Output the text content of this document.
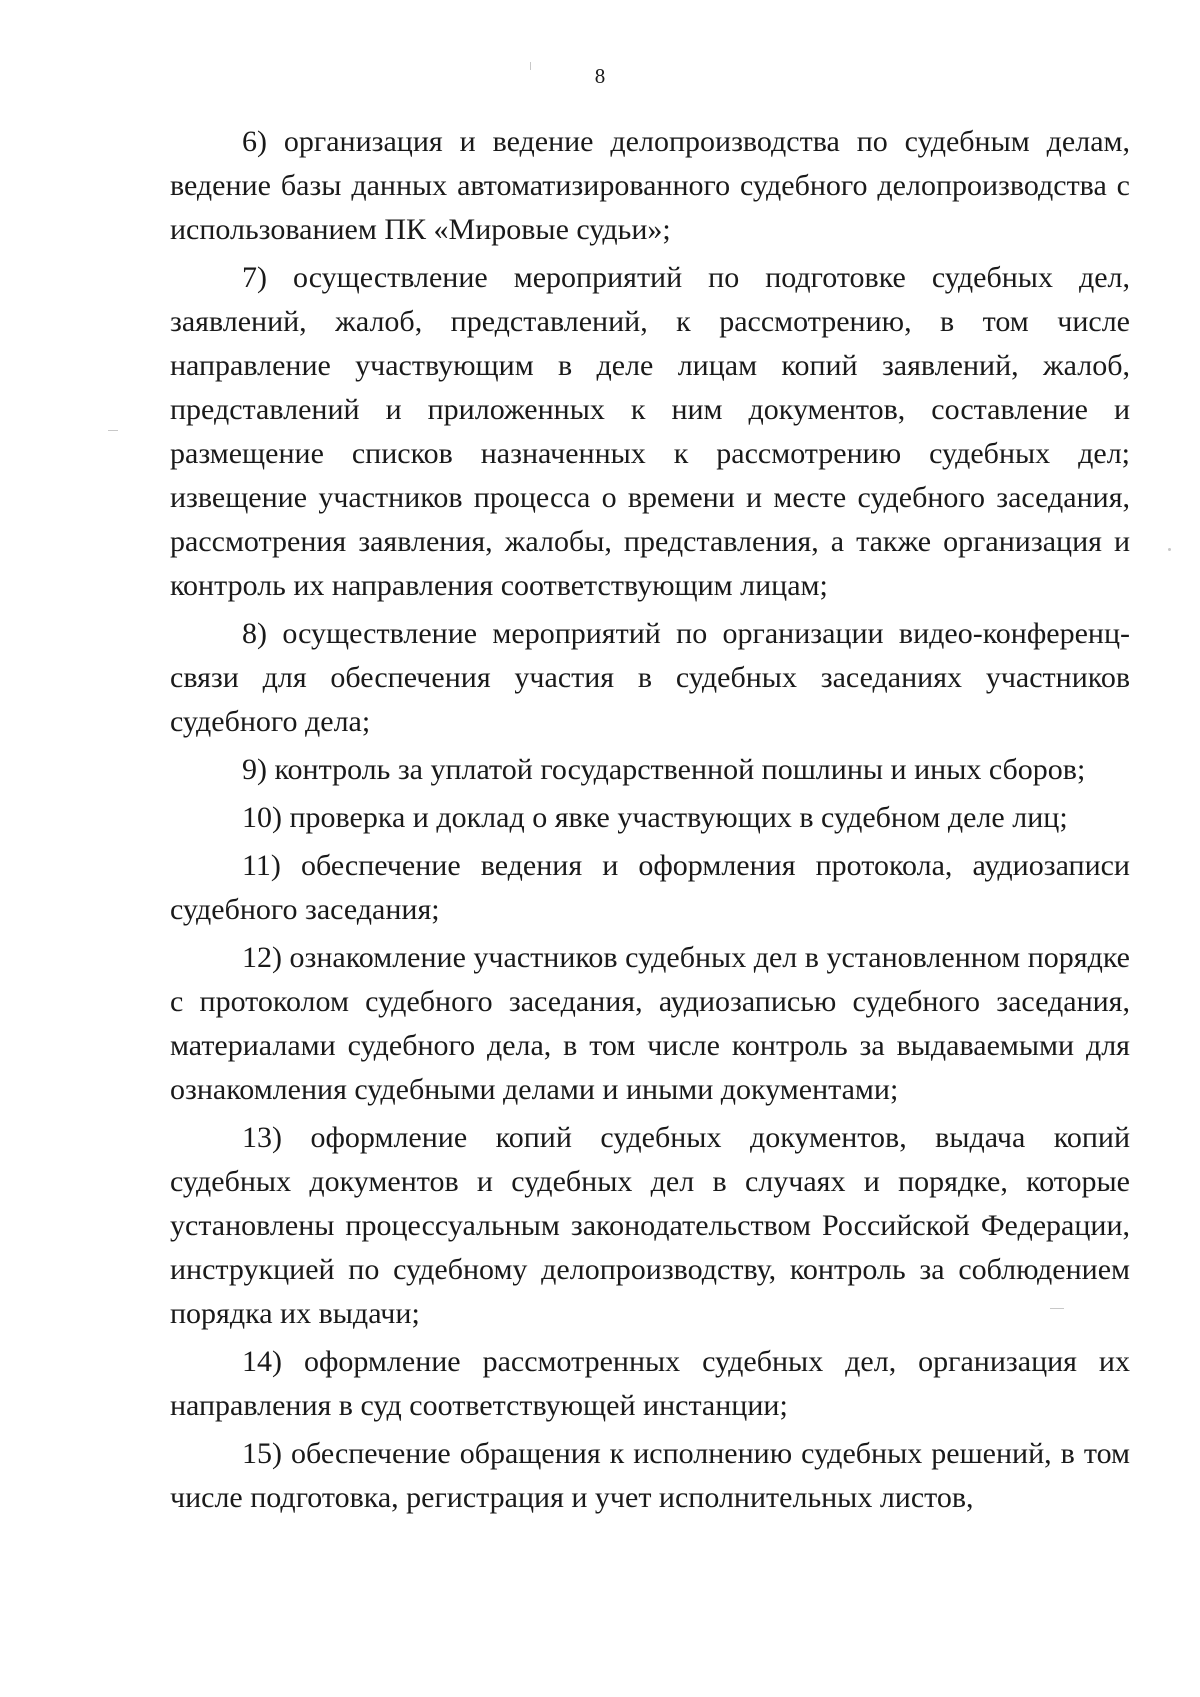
8

6) организация и ведение делопроизводства по судебным делам, ведение базы данных автоматизированного судебного делопроизводства с использованием ПК «Мировые судьи»;

7) осуществление мероприятий по подготовке судебных дел, заявлений, жалоб, представлений, к рассмотрению, в том числе направление участвующим в деле лицам копий заявлений, жалоб, представлений и приложенных к ним документов, составление и размещение списков назначенных к рассмотрению судебных дел; извещение участников процесса о времени и месте судебного заседания, рассмотрения заявления, жалобы, представления, а также организация и контроль их направления соответствующим лицам;

8) осуществление мероприятий по организации видео-конференц-связи для обеспечения участия в судебных заседаниях участников судебного дела;

9) контроль за уплатой государственной пошлины и иных сборов;

10) проверка и доклад о явке участвующих в судебном деле лиц;

11) обеспечение ведения и оформления протокола, аудиозаписи судебного заседания;

12) ознакомление участников судебных дел в установленном порядке с протоколом судебного заседания, аудиозаписью судебного заседания, материалами судебного дела, в том числе контроль за выдаваемыми для ознакомления судебными делами и иными документами;

13) оформление копий судебных документов, выдача копий судебных документов и судебных дел в случаях и порядке, которые установлены процессуальным законодательством Российской Федерации, инструкцией по судебному делопроизводству, контроль за соблюдением порядка их выдачи;

14) оформление рассмотренных судебных дел, организация их направления в суд соответствующей инстанции;

15) обеспечение обращения к исполнению судебных решений, в том числе подготовка, регистрация и учет исполнительных листов,
